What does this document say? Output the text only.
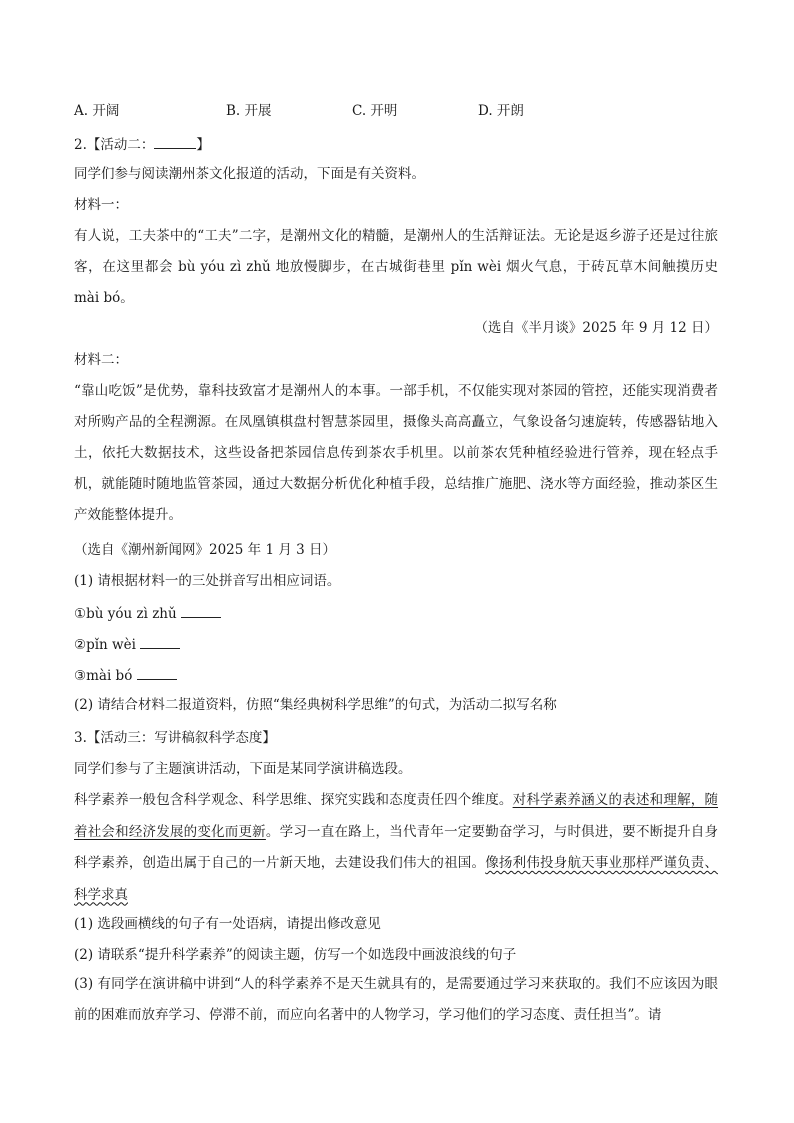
A. 开阔	B. 开展	C. 开明	D. 开朗
2.【活动二：	】
同学们参与阅读潮州茶文化报道的活动，下面是有关资料。
材料一：

有人说，工夫茶中的“工夫”二字，是潮州文化的精髓，是潮州人的生活辩证法。无论是返乡游子还是过往旅客，在这里都会 bù yóu zì zhǔ 地放慢脚步，在古城街巷里 pǐn wèi 烟火气息，于砖瓦草木间触摸历史 mài bó。

（选自《半月谈》2025 年 9 月 12 日）
材料二：

“靠山吃饭”是优势，靠科技致富才是潮州人的本事。一部手机，不仅能实现对茶园的管控，还能实现消费者对所购产品的全程溯源。在凤凰镇棋盘村智慧茶园里，摄像头高高矗立，气象设备匀速旋转，传感器钻地入土，依托大数据技术，这些设备把茶园信息传到茶农手机里。以前茶农凭种植经验进行管养，现在轻点手机，就能随时随地监管茶园，通过大数据分析优化种植手段，总结推广施肥、浇水等方面经验，推动茶区生产效能整体提升。

（选自《潮州新闻网》2025 年 1 月 3 日）
(1) 请根据材料一的三处拼音写出相应词语。
①bù yóu zì zhǔ
②pǐn wèi
③mài bó
(2) 请结合材料二报道资料，仿照“集经典树科学思维”的句式，为活动二拟写名称
3.【活动三：写讲稿叙科学态度】
同学们参与了主题演讲活动，下面是某同学演讲稿选段。

科学素养一般包含科学观念、科学思维、探究实践和态度责任四个维度。对科学素养涵义的表述和理解，随着社会和经济发展的变化而更新。学习一直在路上，当代青年一定要勤奋学习，与时俱进，要不断提升自身科学素养，创造出属于自己的一片新天地，去建设我们伟大的祖国。像扬利伟投身航天事业那样严谨负责、科学求真

(1) 选段画横线的句子有一处语病，请提出修改意见
(2) 请联系“提升科学素养”的阅读主题，仿写一个如选段中画波浪线的句子

(3) 有同学在演讲稿中讲到“人的科学素养不是天生就具有的，是需要通过学习来获取的。我们不应该因为眼前的困难而放弃学习、停滞不前，而应向名著中的人物学习，学习他们的学习态度、责任担当”。请
